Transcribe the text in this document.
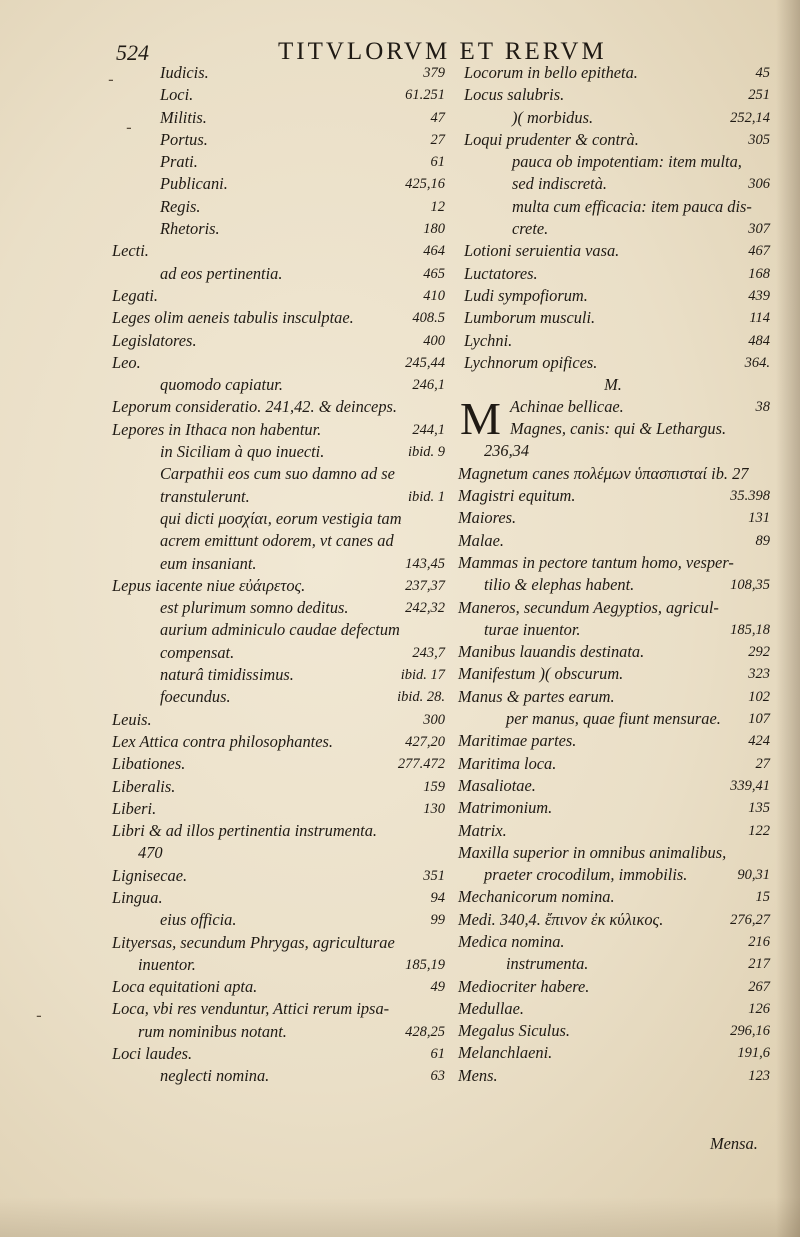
524	TITVLORVM ET RERVM
Iudicis.	379
Loci.	61.251
Militis.	47
Portus.	27
Prati.	61
Publicani.	425,16
Regis.	12
Rhetoris.	180
Lecti.	464
ad eos pertinentia.	465
Legati.	410
Leges olim aeneis tabulis insculptae.	408.5
Legislatores.	400
Leo.	245,44
quomodo capiatur.	246,1
Leporum consideratio. 241,42. & deinceps.
Lepores in Ithaca non habentur.	244,1
in Siciliam à quo inuecti.	ibid. 9
Carpathii eos cum suo damno ad se
transtulerunt.	ibid. 1
qui dicti μοσχίαι, eorum vestigia tam
acrem emittunt odorem, vt canes ad
eum insaniant.	143,45
Lepus iacente niue εὐάιρετος.	237,37
est plurimum somno deditus.	242,32
aurium adminiculo caudae defectum
compensat.	243,7
naturâ timidissimus.	ibid. 17
foecundus.	ibid. 28.
Leuis.	300
Lex Attica contra philosophantes.	427,20
Libationes.	277.472
Liberalis.	159
Liberi.	130
Libri & ad illos pertinentia instrumenta.
470
Lignisecae.	351
Lingua.	94
eius officia.	99
Lityersas, secundum Phrygas, agriculturae
inuentor.	185,19
Loca equitationi apta.	49
Loca, vbi res venduntur, Attici rerum ipsa-
rum nominibus notant.	428,25
Loci laudes.	61
neglecti nomina.	63
Locorum in bello epitheta.	45
Locus salubris.	251
)( morbidus.	252,14
Loqui prudenter & contrà.	305
pauca ob impotentiam: item multa,
sed indiscretà.	306
multa cum efficacia: item pauca dis-
crete.	307
Lotioni seruientia vasa.	467
Luctatores.	168
Ludi sympofiorum.	439
Lumborum musculi.	114
Lychni.	484
Lychnorum opifices.	364.
M.
M Achinae bellicae.	38
Magnes, canis: qui & Lethargus.
236,34
Magnetum canes πολέμων ὑπασπισταί ib. 27
Magistri equitum.	35.398
Maiores.	131
Malae.	89
Mammas in pectore tantum homo, vesper-
tilio & elephas habent.	108,35
Maneros, secundum Aegyptios, agricul-
turae inuentor.	185,18
Manibus lauandis destinata.	292
Manifestum )( obscurum.	323
Manus & partes earum.	102
per manus, quae fiunt mensurae. 107
Maritimae partes.	424
Maritima loca.	27
Masaliotae.	339,41
Matrimonium.	135
Matrix.	122
Maxilla superior in omnibus animalibus,
praeter crocodilum, immobilis.	90,31
Mechanicorum nomina.	15
Medi. 340,4. ἔπινον ἐκ κύλικος.	276,27
Medica nomina.	216
instrumenta.	217
Mediocriter habere.	267
Medullae.	126
Megalus Siculus.	296,16
Melanchlaeni.	191,6
Mens.	123
Mensa.
-
-
-
